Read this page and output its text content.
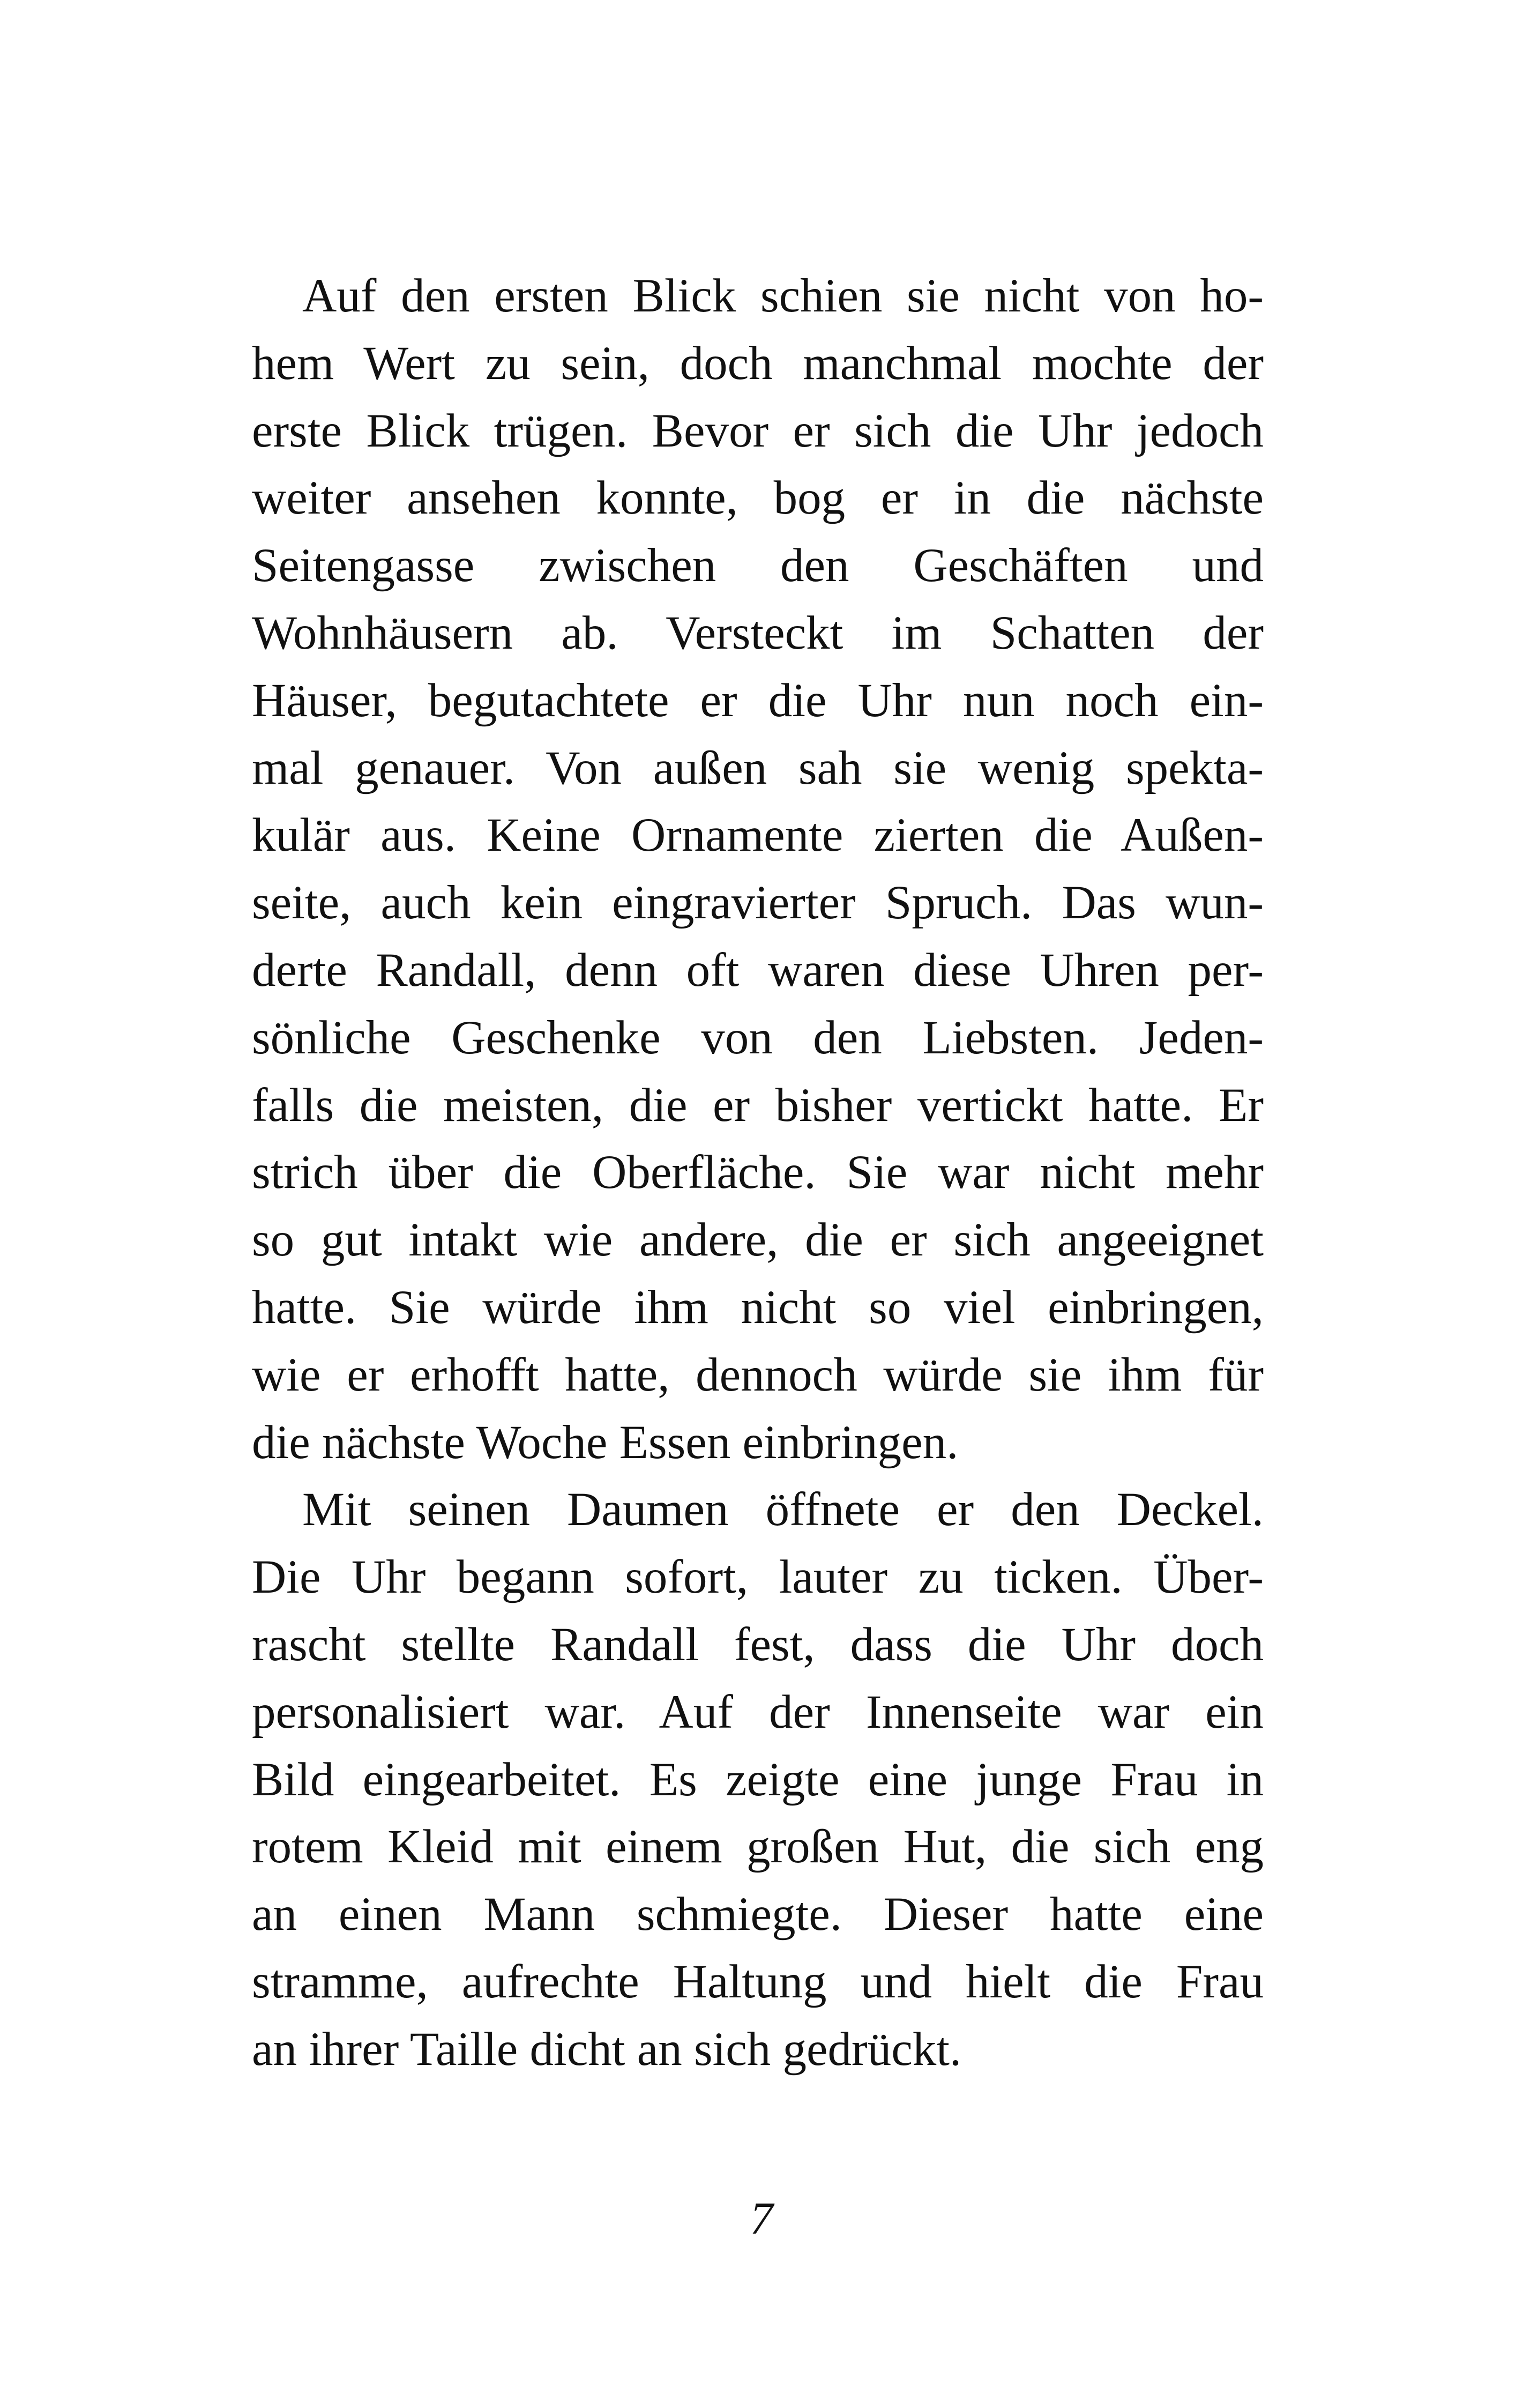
Auf den ersten Blick schien sie nicht von ho-
hem Wert zu sein, doch manchmal mochte der
erste Blick trügen. Bevor er sich die Uhr jedoch
weiter ansehen konnte, bog er in die nächste
Seitengasse zwischen den Geschäften und
Wohnhäusern ab. Versteckt im Schatten der
Häuser, begutachtete er die Uhr nun noch ein-
mal genauer. Von außen sah sie wenig spekta-
kulär aus. Keine Ornamente zierten die Außen-
seite, auch kein eingravierter Spruch. Das wun-
derte Randall, denn oft waren diese Uhren per-
sönliche Geschenke von den Liebsten. Jeden-
falls die meisten, die er bisher vertickt hatte. Er
strich über die Oberfläche. Sie war nicht mehr
so gut intakt wie andere, die er sich angeeignet
hatte. Sie würde ihm nicht so viel einbringen,
wie er erhofft hatte, dennoch würde sie ihm für
die nächste Woche Essen einbringen.
Mit seinen Daumen öffnete er den Deckel.
Die Uhr begann sofort, lauter zu ticken. Über-
rascht stellte Randall fest, dass die Uhr doch
personalisiert war. Auf der Innenseite war ein
Bild eingearbeitet. Es zeigte eine junge Frau in
rotem Kleid mit einem großen Hut, die sich eng
an einen Mann schmiegte. Dieser hatte eine
stramme, aufrechte Haltung und hielt die Frau
an ihrer Taille dicht an sich gedrückt.
7
